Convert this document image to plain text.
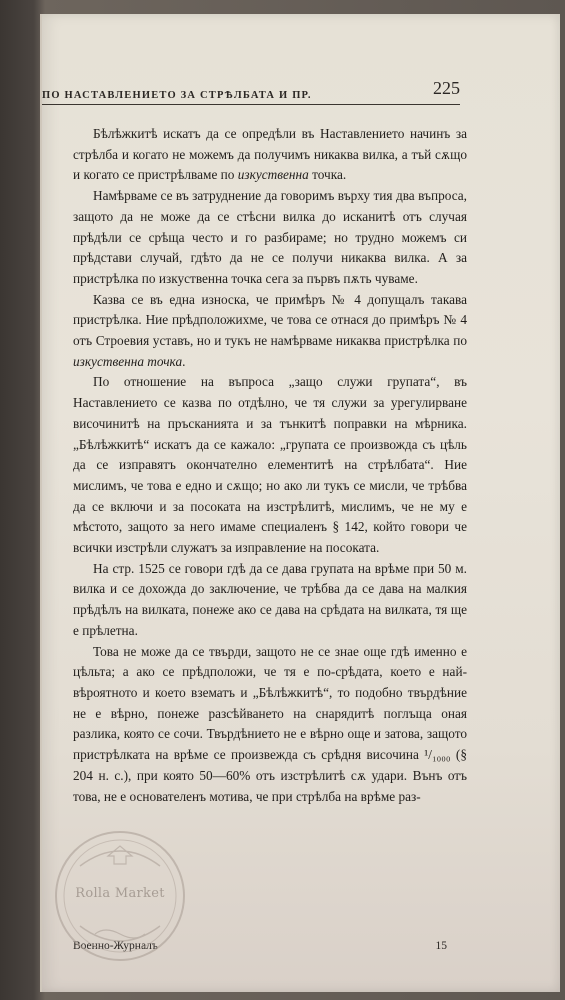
ПО НАСТАВЛЕНИЕТО ЗА СТРѢЛБАТА И ПР.	225

Бѣлѣжкитѣ искатъ да се опредѣли въ Наставлението начинъ за стрѣлба и когато не можемъ да получимъ никаква вилка, а тъй сѫщо и когато се пристрѣлваме по изкуственна точка.

Намѣрваме се въ затруднение да говоримъ върху тия два въпроса, защото да не може да се стѣсни вилка до исканитѣ отъ случая прѣдѣли се срѣща често и го разбираме; но трудно можемъ си прѣдстави случай, гдѣто да не се получи никаква вилка. А за пристрѣлка по изкуственна точка сега за първъ пѫть чуваме.

Казва се въ една износка, че примѣръ № 4 допущалъ такава пристрѣлка. Ние прѣдположихме, че това се отнася до примѣръ № 4 отъ Строевия уставъ, но и тукъ не намѣрваме никаква пристрѣлка по изкуственна точка.

По отношение на въпроса „защо служи групата“, въ Наставлението се казва по отдѣлно, че тя служи за урегулирване височинитѣ на пръсканията и за тънкитѣ поправки на мѣрника. „Бѣлѣжкитѣ“ искатъ да се кажало: „групата се произвожда съ цѣль да се изправятъ окончателно елементитѣ на стрѣлбата“. Ние мислимъ, че това е едно и сѫщо; но ако ли тукъ се мисли, че трѣбва да се включи и за посоката на изстрѣлитѣ, мислимъ, че не му е мѣстото, защото за него имаме специаленъ § 142, който говори че всички изстрѣли служатъ за изправление на посоката.

На стр. 1525 се говори гдѣ да се дава групата на врѣме при 50 м. вилка и се дохожда до заключение, че трѣбва да се дава на малкия прѣдѣлъ на вилката, понеже ако се дава на срѣдата на вилката, тя ще е прѣлетна.

Това не може да се твърди, защото не се знае още гдѣ именно е цѣльта; а ако се прѣдположи, че тя е по-срѣдата, което е най-вѣроятното и което взематъ и „Бѣлѣжкитѣ“, то подобно твърдѣние не е вѣрно, понеже разсѣйването на снарядитѣ поглъща оная разлика, която се сочи. Твърдѣнието не е вѣрно още и затова, защото пристрѣлката на врѣме се произвежда съ срѣдня височина ¹/₁₀₀₀ (§ 204 н. с.), при която 50—60% отъ изстрѣлитѣ сѫ удари. Вънъ отъ това, не е основателенъ мотива, че при стрѣлба на врѣме раз-

Военно-Журналъ	15
Rolla Market
